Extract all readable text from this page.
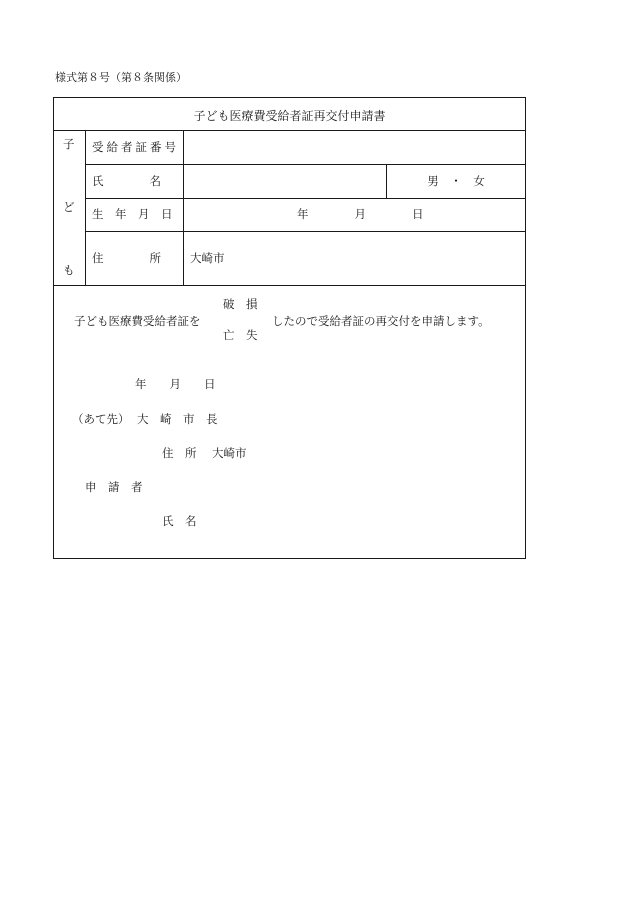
様式第８号（第８条関係）
子ども医療費受給者証再交付申請書
子
ど
も
受給者証番号
氏　　　　名
生　年　月　日
住　　　　所
男　・　女
年　　　　月　　　　日
大崎市
子ども医療費受給者証を
破　損
亡　失
したので受給者証の再交付を申請します。
年　　月　　日
（あて先） 大　崎　市　長
住　所 大崎市
申　請　者
氏　名
